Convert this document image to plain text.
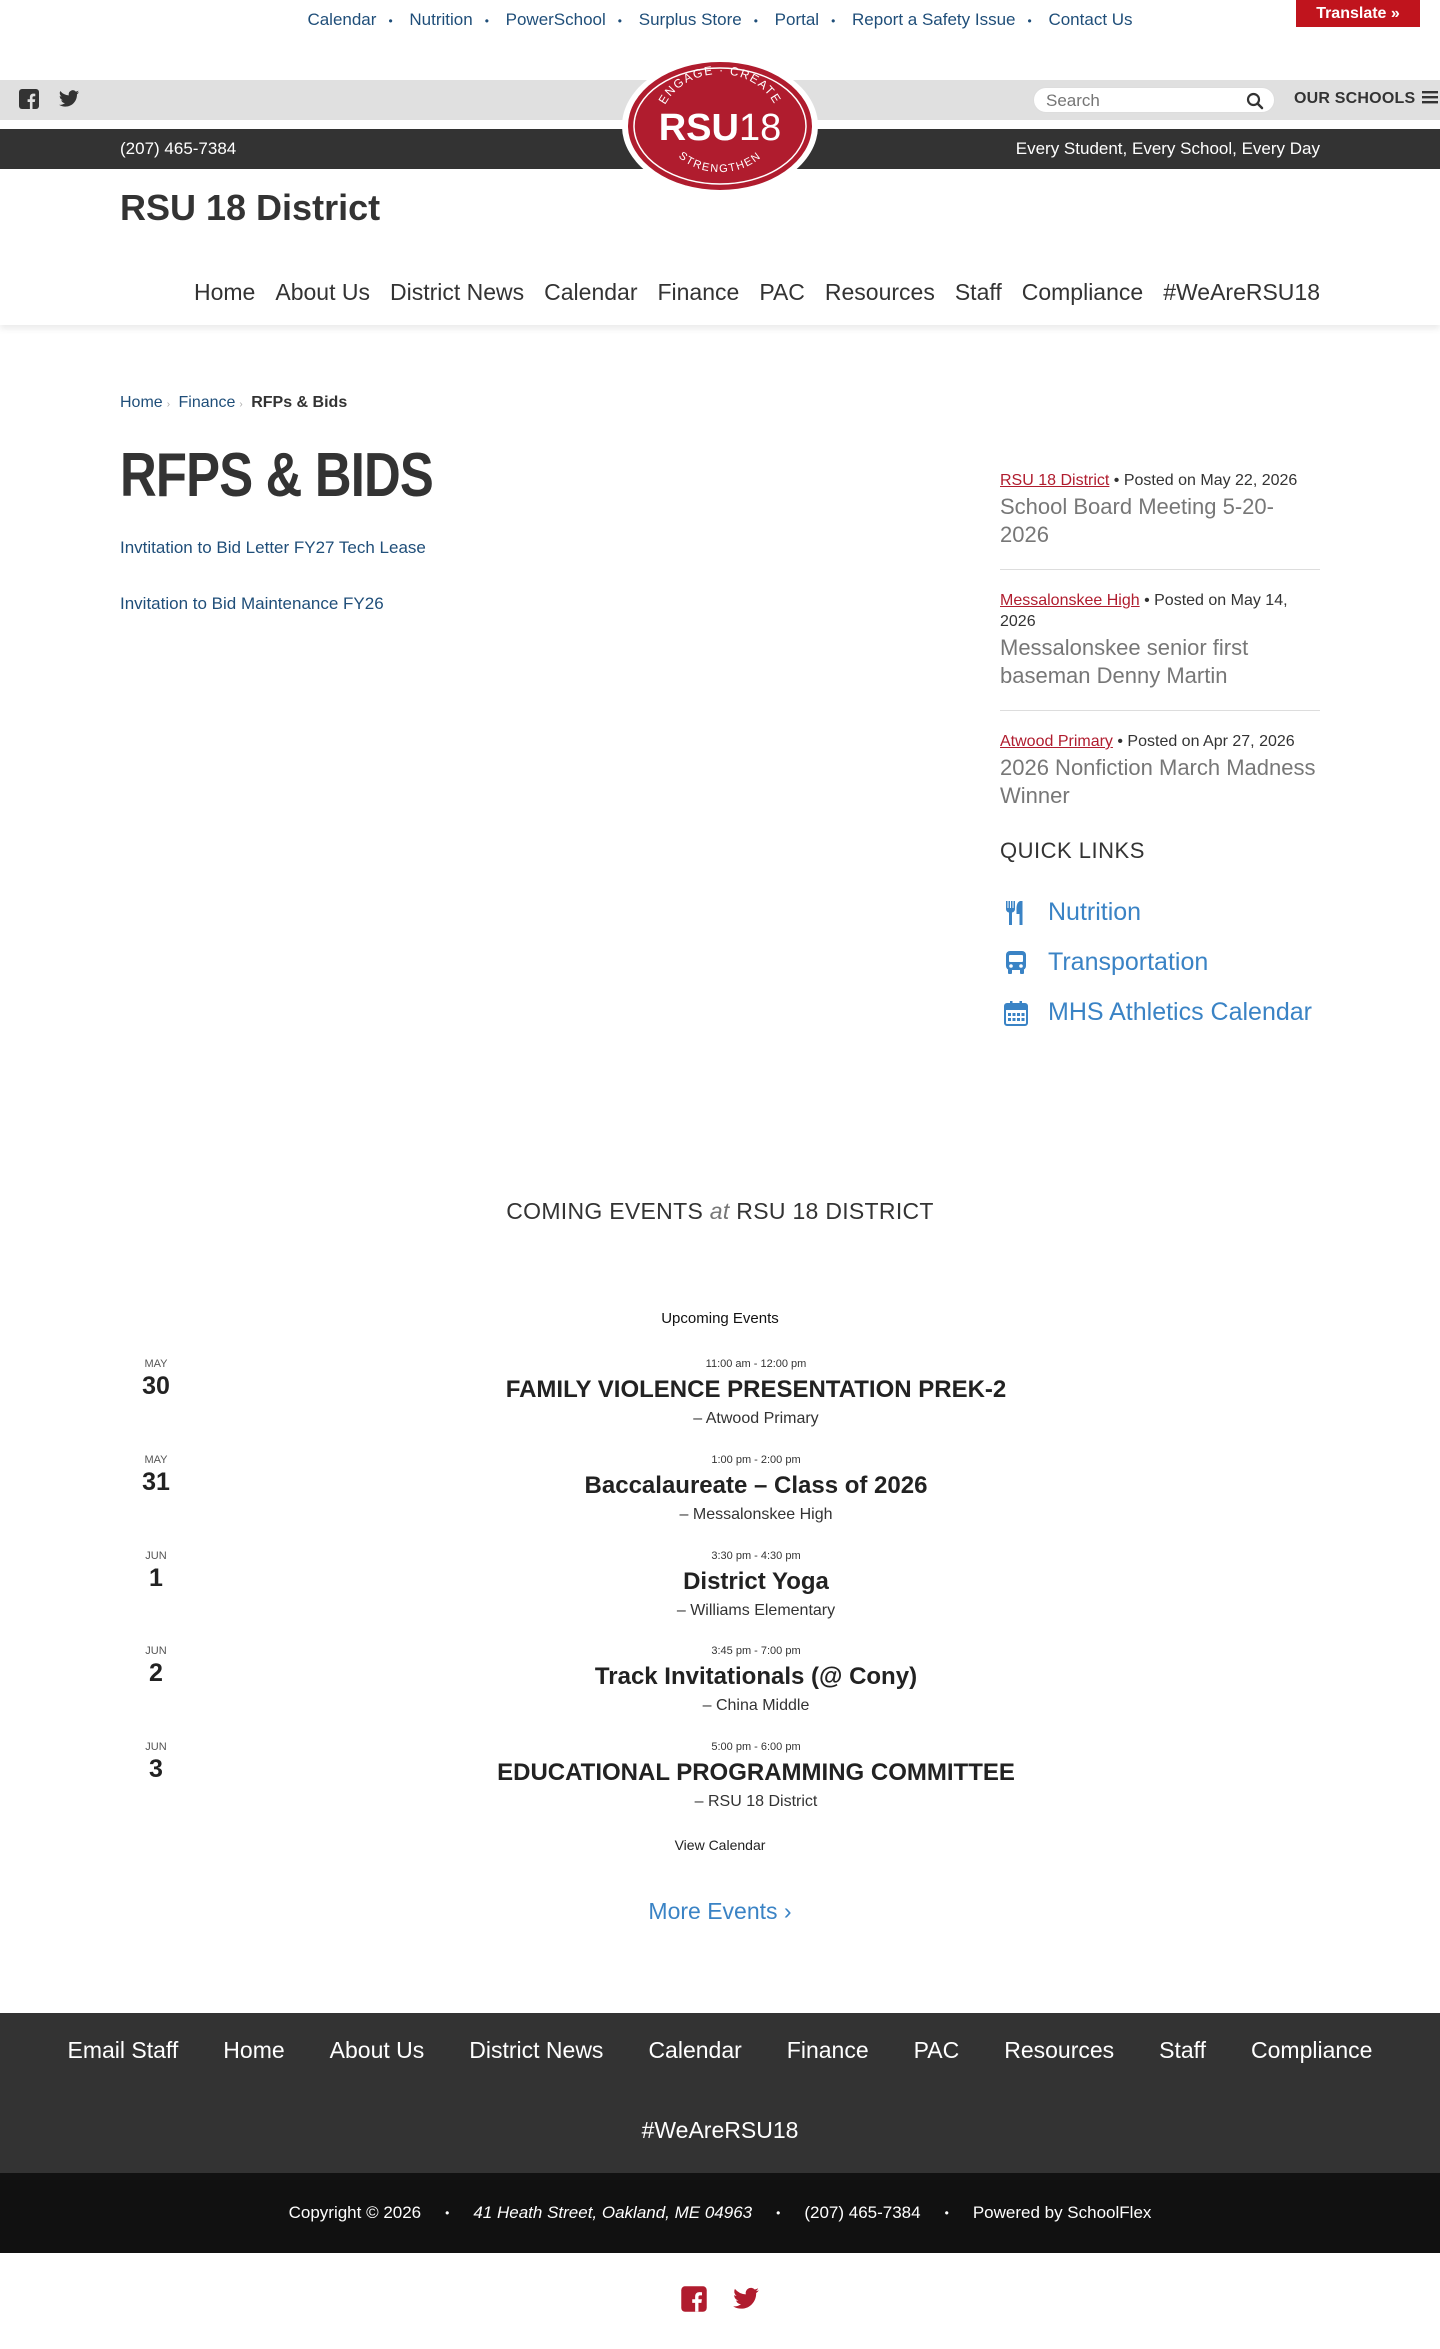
Calendar • Nutrition • PowerSchool • Surplus Store • Portal • Report a Safety Issue • Contact Us	Translate »
Search
OUR SCHOOLS
(207) 465-7384	Every Student, Every School, Every Day
ENGAGE · CREATE
STRENGTHEN
RSU18
RSU 18 District
Home About Us District News Calendar Finance PAC Resources Staff Compliance #WeAreRSU18
Home › Finance › RFPs & Bids
RFPS & BIDS
Invtitation to Bid Letter FY27 Tech Lease
Invitation to Bid Maintenance FY26
RSU 18 District • Posted on May 22, 2026
School Board Meeting 5-20-2026
Messalonskee High • Posted on May 14, 2026
Messalonskee senior first baseman Denny Martin
Atwood Primary • Posted on Apr 27, 2026
2026 Nonfiction March Madness Winner
QUICK LINKS
Nutrition
Transportation
MHS Athletics Calendar
COMING EVENTS at RSU 18 DISTRICT
Upcoming Events
MAY
30
11:00 am - 12:00 pm
FAMILY VIOLENCE PRESENTATION PREK-2
– Atwood Primary
MAY
31
1:00 pm - 2:00 pm
Baccalaureate – Class of 2026
– Messalonskee High
JUN
1
3:30 pm - 4:30 pm
District Yoga
– Williams Elementary
JUN
2
3:45 pm - 7:00 pm
Track Invitationals (@ Cony)
– China Middle
JUN
3
5:00 pm - 6:00 pm
EDUCATIONAL PROGRAMMING COMMITTEE
– RSU 18 District
View Calendar
More Events ›
Email Staff Home About Us District News Calendar Finance PAC Resources Staff Compliance
#WeAreRSU18
Copyright © 2026 • 41 Heath Street, Oakland, ME 04963 • (207) 465-7384 • Powered by SchoolFlex
